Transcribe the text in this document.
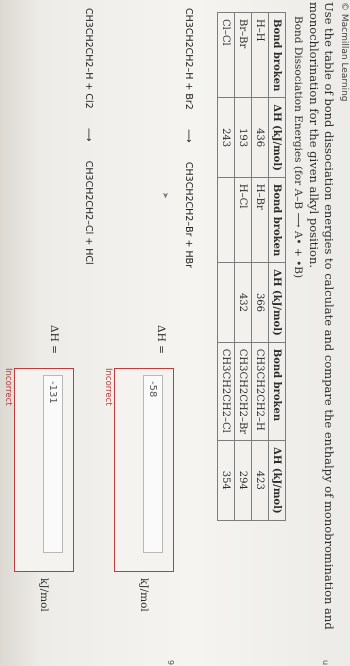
© Macmillan Learning
Use the table of bond dissociation energies to calculate and compare the enthalpy of monobromination and monochlorination for the given alkyl position.
Bond Dissociation Energies (for A–B ⟶ A• + •B)
Bond broken	ΔH (kJ/mol)	Bond broken	ΔH (kJ/mol)	Bond broken	ΔH (kJ/mol)
H–H	436	H–Br	366	CH3CH2CH2–H	423
Br–Br	193	H–Cl	432	CH3CH2CH2–Br	294
Cl–Cl	243			CH3CH2CH2–Cl	354
CH3CH2CH2–H + Br2 ⟶ CH3CH2CH2–Br + HBr
➤
ΔH =
-58
kJ/mol
Incorrect
CH3CH2CH2–H + Cl2 ⟶ CH3CH2CH2–Cl + HCl
ΔH =
-131
kJ/mol
Incorrect
u
9
